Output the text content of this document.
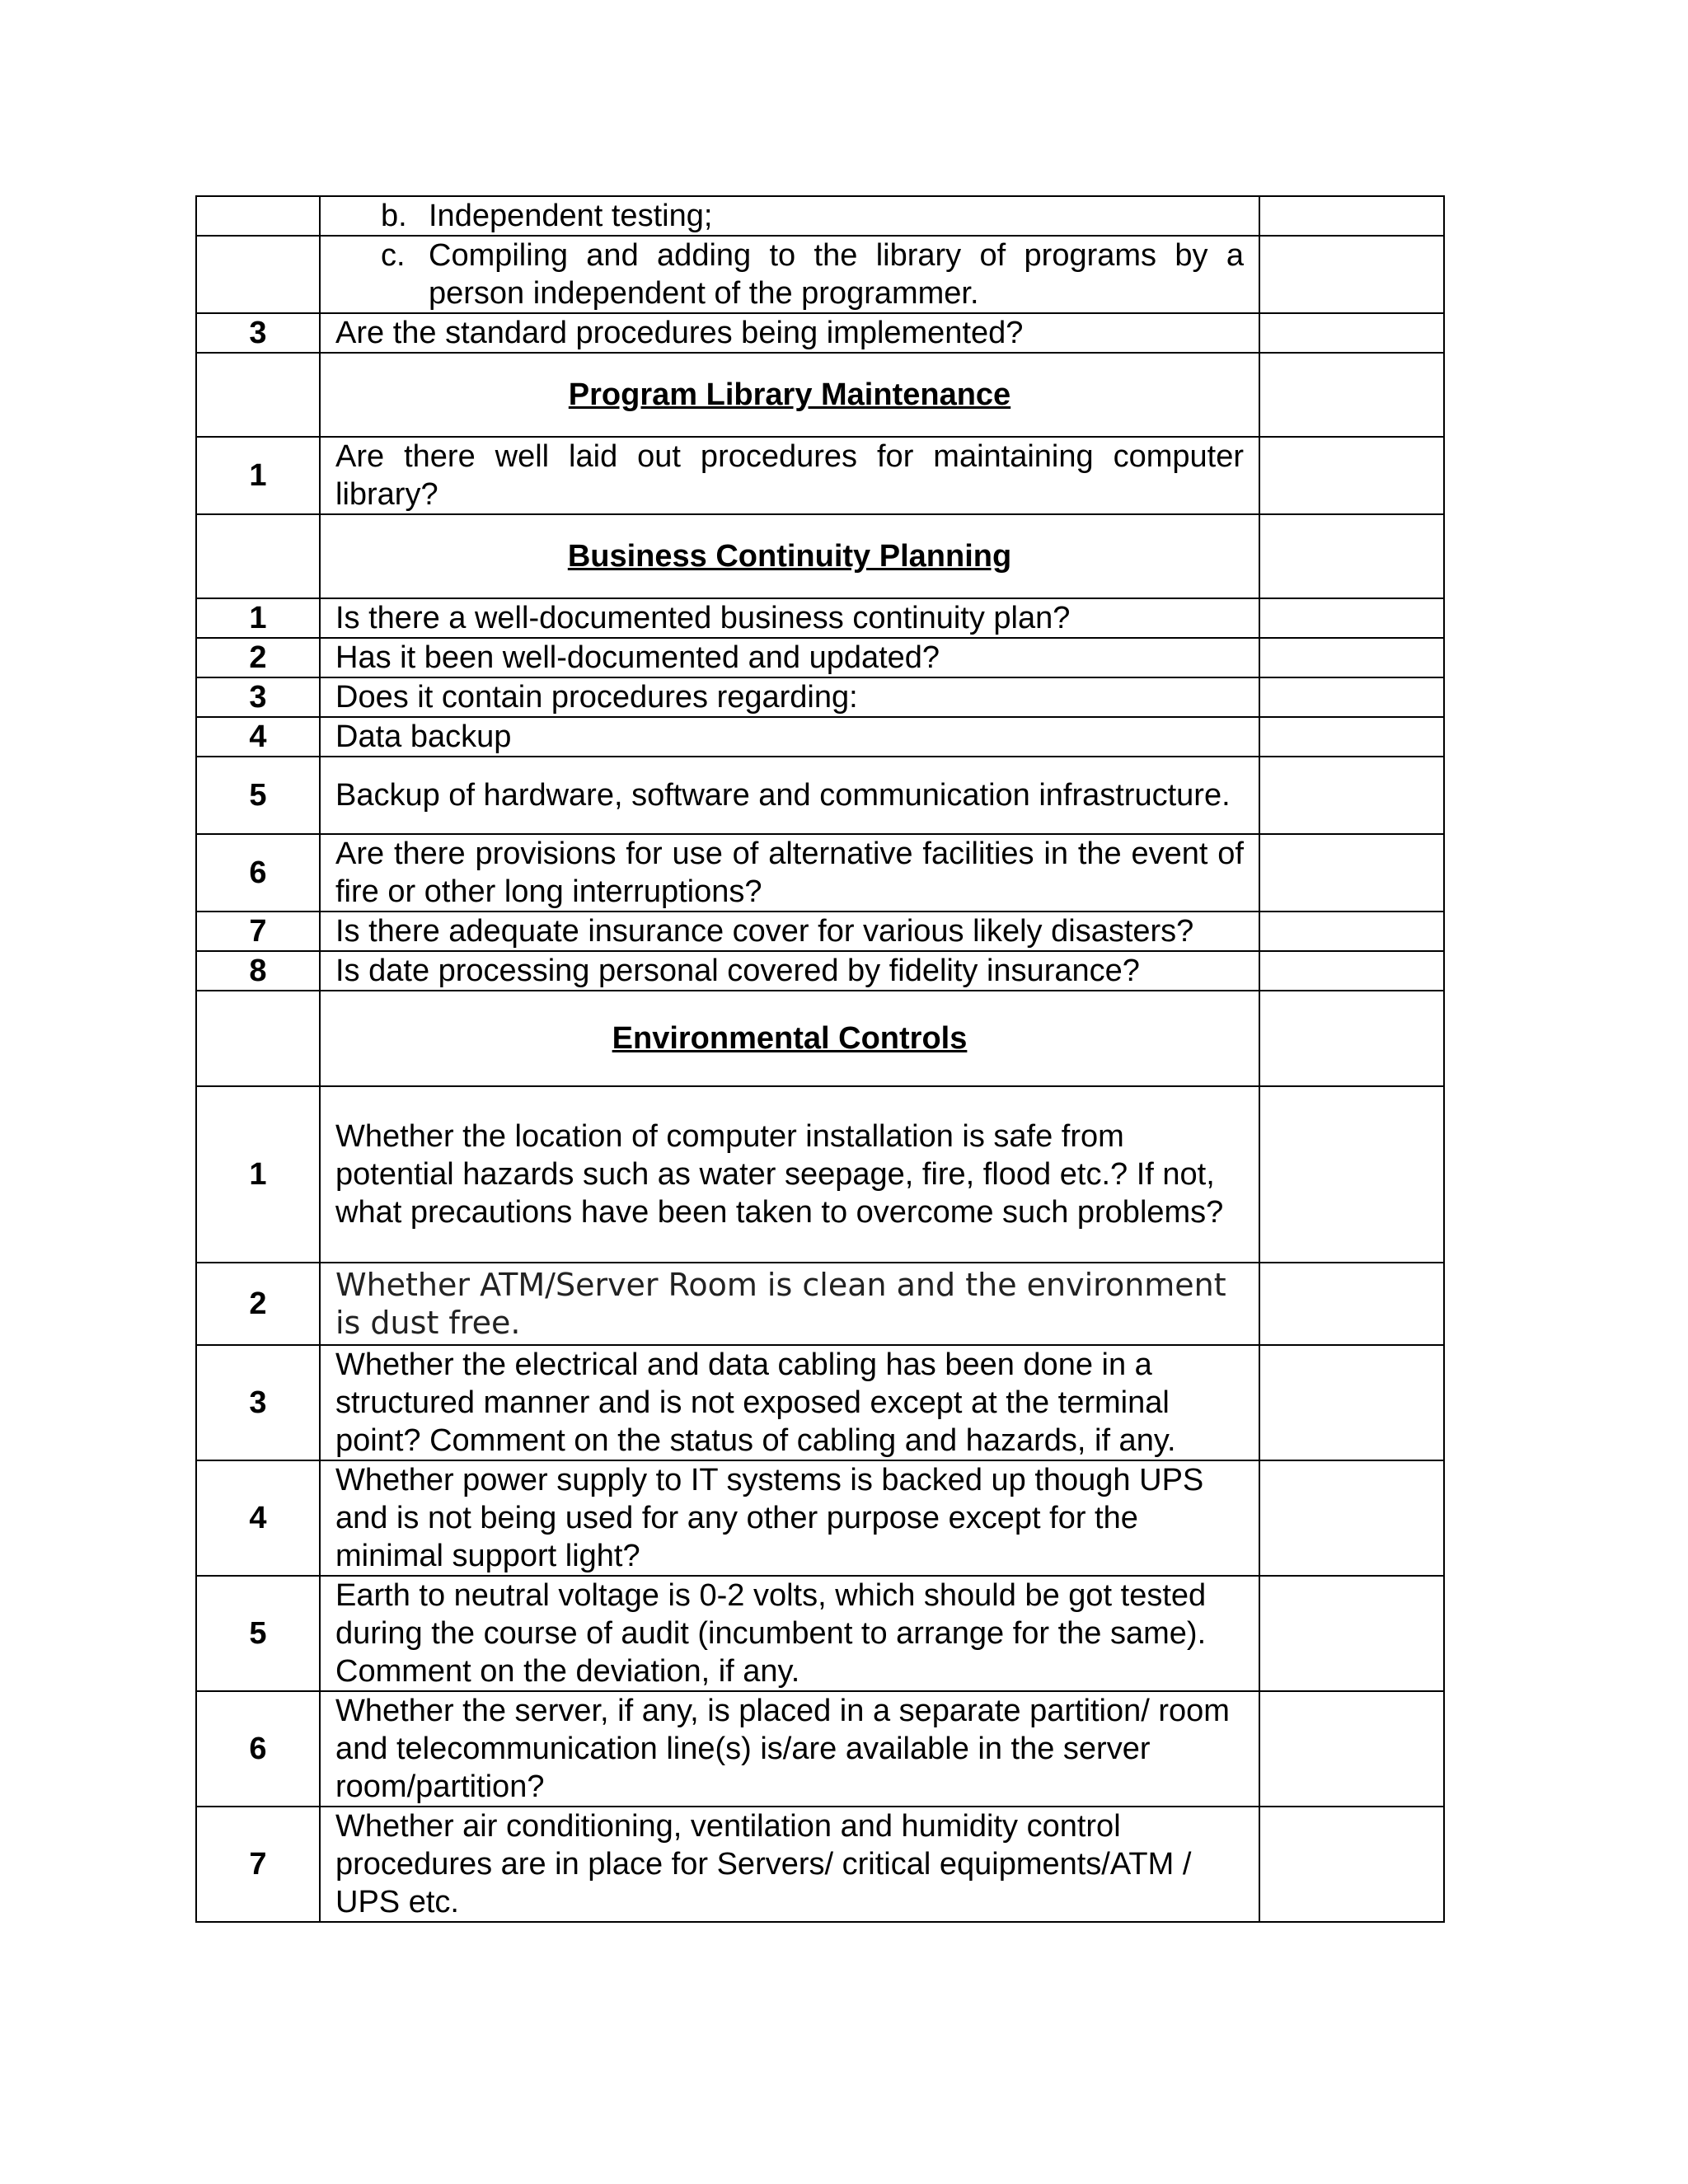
	b. Independent testing;	

	c. Compiling and adding to the library of programs by a person independent of the programmer.	

3	Are the standard procedures being implemented?	
	Program Library Maintenance	
1	Are there well laid out procedures for maintaining computer library?	
	Business Continuity Planning	
1	Is there a well-documented business continuity plan?	
2	Has it been well-documented and updated?	
3	Does it contain procedures regarding:	
4	Data backup	
5	Backup of hardware, software and communication infrastructure.	
6	Are there provisions for use of alternative facilities in the event of fire or other long interruptions?	
7	Is there adequate insurance cover for various likely disasters?	
8	Is date processing personal covered by fidelity insurance?	
	Environmental Controls	
1	Whether the location of computer installation is safe from potential hazards such as water seepage, fire, flood etc.? If not, what precautions have been taken to overcome such problems?	
2	Whether ATM/Server Room is clean and the environment is dust free.	
3	Whether the electrical and data cabling has been done in a structured manner and is not exposed except at the terminal point? Comment on the status of cabling and hazards, if any.	
4	Whether power supply to IT systems is backed up though UPS and is not being used for any other purpose except for the minimal support light?	
5	Earth to neutral voltage is 0-2 volts, which should be got tested during the course of audit (incumbent to arrange for the same). Comment on the deviation, if any.	
6	Whether the server, if any, is placed in a separate partition/ room and telecommunication line(s) is/are available in the server room/partition?	
7	Whether air conditioning, ventilation and humidity control procedures are in place for Servers/ critical equipments/ATM / UPS etc.	
